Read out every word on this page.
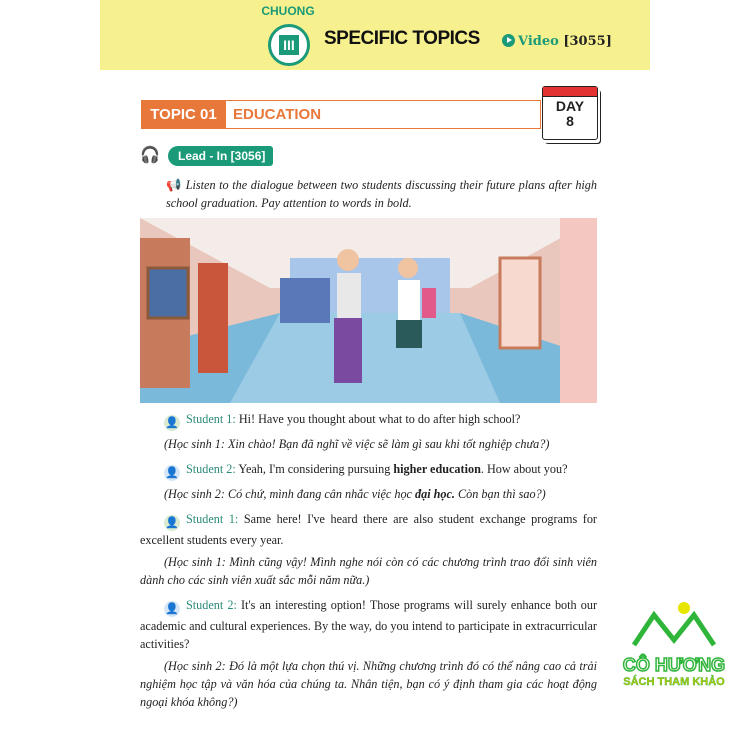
CHUONG
III SPECIFIC TOPICS	Video [3055]
TOPIC 01	EDUCATION	DAY
8
🎧	Lead - In [3056]
📢 Listen to the dialogue between two students discussing their future plans after high school graduation. Pay attention to words in bold.
👤 Student 1: Hi! Have you thought about what to do after high school?
(Học sinh 1: Xin chào! Bạn đã nghĩ về việc sẽ làm gì sau khi tốt nghiệp chưa?)
👤 Student 2: Yeah, I'm considering pursuing higher education. How about you?
(Học sinh 2: Có chứ, mình đang cân nhắc việc học đại học. Còn bạn thì sao?)
👤 Student 1: Same here! I've heard there are also student exchange programs for excellent students every year.
(Học sinh 1: Mình cũng vậy! Mình nghe nói còn có các chương trình trao đổi sinh viên dành cho các sinh viên xuất sắc mỗi năm nữa.)
👤 Student 2: It's an interesting option! Those programs will surely enhance both our academic and cultural experiences. By the way, do you intend to participate in extracurricular activities?
(Học sinh 2: Đó là một lựa chọn thú vị. Những chương trình đó có thể nâng cao cả trải nghiệm học tập và văn hóa của chúng ta. Nhân tiện, bạn có ý định tham gia các hoạt động ngoại khóa không?)
CÔ HƯƠNG
SÁCH THAM KHẢO
